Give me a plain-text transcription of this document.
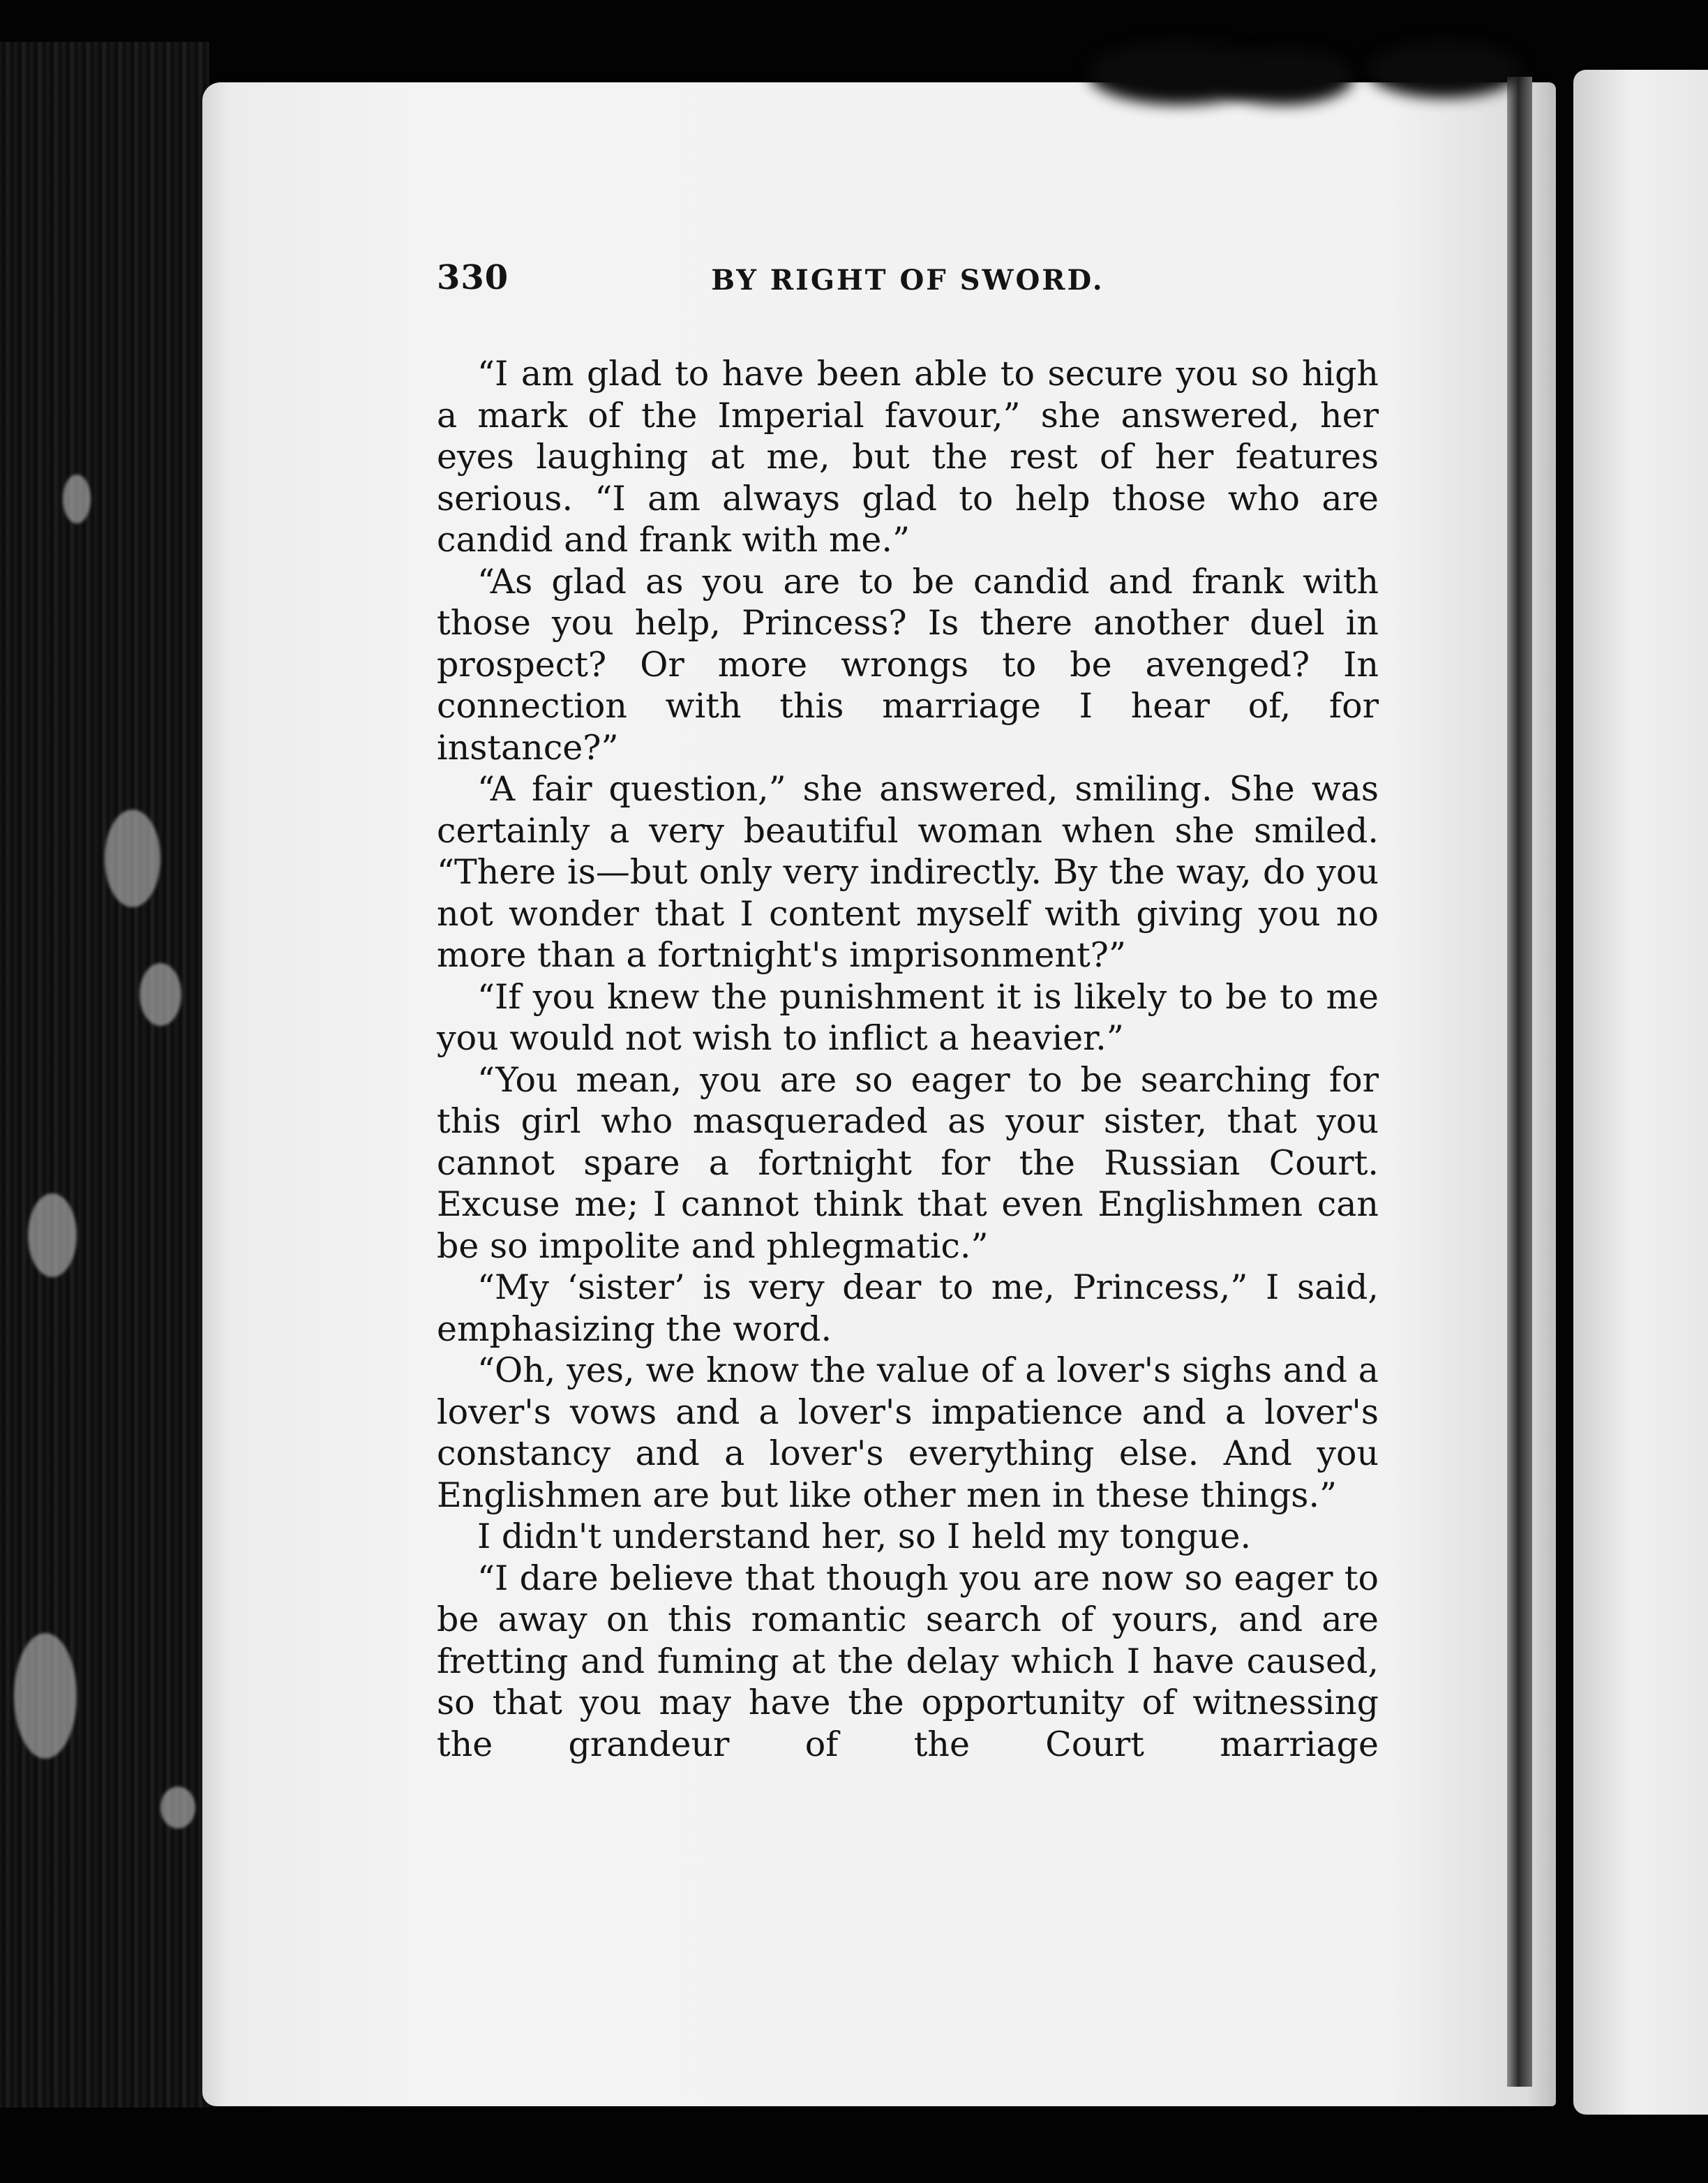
330	BY RIGHT OF SWORD.

“I am glad to have been able to secure you so high a mark of the Imperial favour,” she answered, her eyes laughing at me, but the rest of her features serious. “I am always glad to help those who are candid and frank with me.”

“As glad as you are to be candid and frank with those you help, Princess? Is there another duel in prospect? Or more wrongs to be avenged? In connection with this marriage I hear of, for instance?”

“A fair question,” she answered, smiling. She was certainly a very beautiful woman when she smiled. “There is—but only very indirectly. By the way, do you not wonder that I content myself with giving you no more than a fortnight's imprisonment?”

“If you knew the punishment it is likely to be to me you would not wish to inflict a heavier.”

“You mean, you are so eager to be searching for this girl who masqueraded as your sister, that you cannot spare a fortnight for the Russian Court. Excuse me; I cannot think that even Englishmen can be so impolite and phlegmatic.”

“My ‘sister’ is very dear to me, Princess,” I said, emphasizing the word.

“Oh, yes, we know the value of a lover's sighs and a lover's vows and a lover's impatience and a lover's constancy and a lover's everything else. And you Englishmen are but like other men in these things.”

I didn't understand her, so I held my tongue.

“I dare believe that though you are now so eager to be away on this romantic search of yours, and are fretting and fuming at the delay which I have caused, so that you may have the opportunity of witnessing the grandeur of the Court marriage
